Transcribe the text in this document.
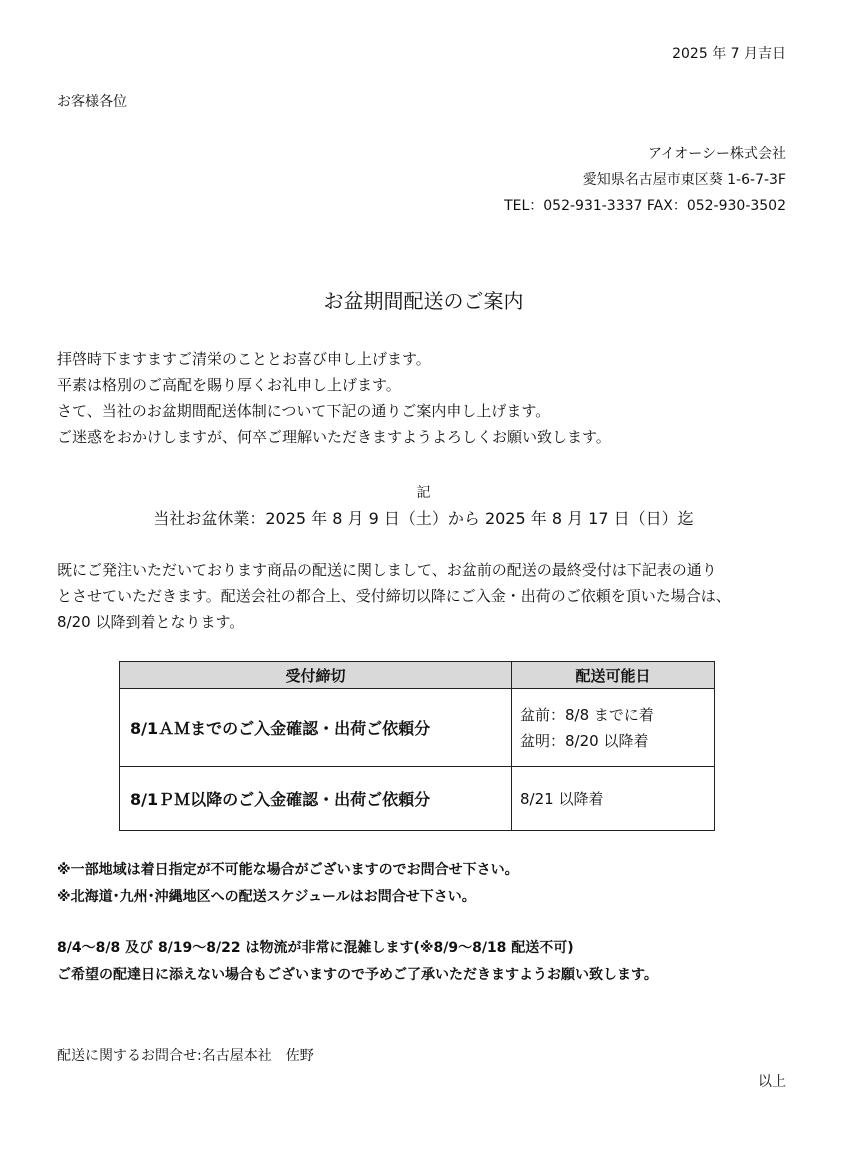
2025 年 7 月吉日
お客様各位
アイオーシー株式会社
愛知県名古屋市東区葵 1-6-7-3F
TEL：052-931-3337 FAX：052-930-3502
お盆期間配送のご案内
拝啓時下ますますご清栄のこととお喜び申し上げます。
平素は格別のご高配を賜り厚くお礼申し上げます。
さて、当社のお盆期間配送体制について下記の通りご案内申し上げます。
ご迷惑をおかけしますが、何卒ご理解いただきますようよろしくお願い致します。
記
当社お盆休業：2025 年 8 月 9 日（土）から 2025 年 8 月 17 日（日）迄
既にご発注いただいております商品の配送に関しまして、お盆前の配送の最終受付は下記表の通り
とさせていただきます。配送会社の都合上、受付締切以降にご入金・出荷のご依頼を頂いた場合は、
8/20 以降到着となります。
受付締切	配送可能日
8/1ＡＭまでのご入金確認・出荷ご依頼分	盆前：8/8 までに着
盆明：8/20 以降着

8/1ＰＭ以降のご入金確認・出荷ご依頼分	8/21 以降着
※一部地域は着日指定が不可能な場合がございますのでお問合せ下さい。
※北海道･九州･沖縄地区への配送スケジュールはお問合せ下さい。
8/4～8/8 及び 8/19～8/22 は物流が非常に混雑します(※8/9～8/18 配送不可)
ご希望の配達日に添えない場合もございますので予めご了承いただきますようお願い致します。
配送に関するお問合せ:名古屋本社　佐野
以上
